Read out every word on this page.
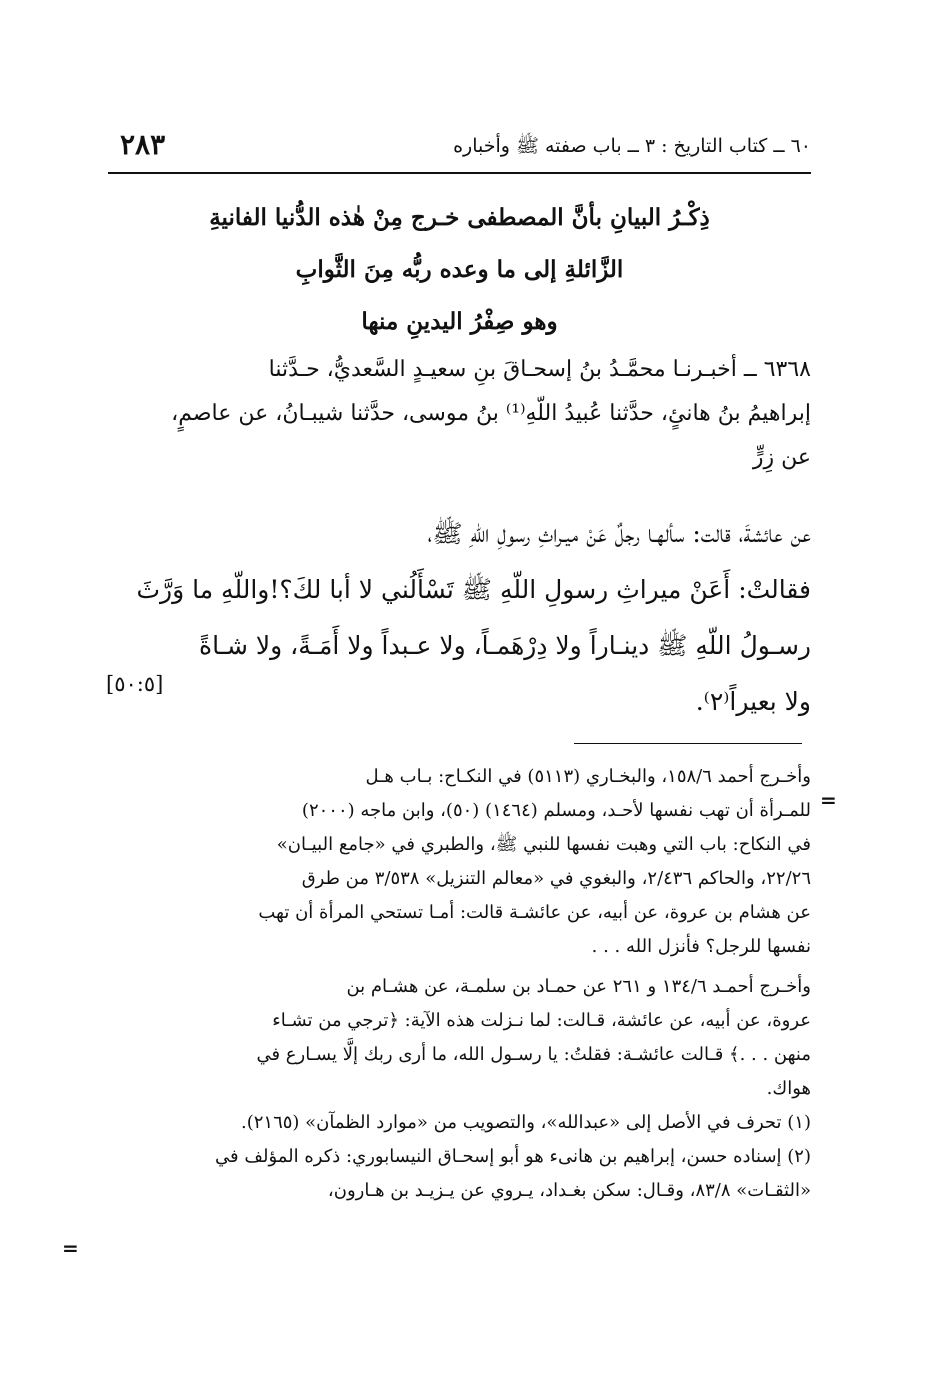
٦٠ ــ كتاب التاريخ : ٣ ــ باب صفته ﷺ وأخباره
٢٨٣
ذِكْـرُ البيانِ بأنَّ المصطفى خـرج مِنْ هٰذه الدُّنيا الفانيةِ
الزَّائلةِ إلى ما وعده ربُّه مِنَ الثَّوابِ
وهو صِفْرُ اليدينِ منها
٦٣٦٨ ــ أخبـرنـا محمَّـدُ بنُ إسحـاقَ بنِ سعيـدٍ السَّعديُّ، حـدَّثنا
إبراهيمُ بنُ هانئٍ، حدَّثنا عُبيدُ اللّهِ⁽¹⁾ بنُ موسى، حدَّثنا شيبـانُ، عن عاصمٍ،
عن زِرٍّ
عن عائشةَ، قالت: سألهـا رجلٌ عَنْ ميـراثِ رسولِ اللّهِ ﷺ،
فقالتْ: أَعَنْ ميراثِ رسولِ اللّهِ ﷺ تَسْأَلُني لا أبا لكَ؟!واللّهِ ما وَرَّثَ
رسـولُ اللّهِ ﷺ دينـاراً ولا دِرْهَمـاً، ولا عـبداً ولا أَمَـةً، ولا شـاةً
ولا بعيراً⁽٢⁾.
[٥٠:٥]
=
وأخـرج أحمد ١٥٨/٦، والبخـاري (٥١١٣) في النكـاح: بـاب هـل
للمـرأة أن تهب نفسها لأحـد، ومسلم (١٤٦٤) (٥٠)، وابن ماجه (٢٠٠٠)
في النكاح: باب التي وهبت نفسها للنبي ﷺ، والطبري في «جامع البيـان»
٢٢/٢٦، والحاكم ٢/٤٣٦، والبغوي في «معالم التنزيل» ٣/٥٣٨ من طرق
عن هشام بن عروة، عن أبيه، عن عائشـة قالت: أمـا تستحي المرأة أن تهب
نفسها للرجل؟ فأنزل الله . . .
وأخـرج أحمـد ١٣٤/٦ و ٢٦١ عن حمـاد بن سلمـة، عن هشـام بن
عروة، عن أبيه، عن عائشة، قـالت: لما نـزلت هذه الآية: ﴿ترجي من تشـاء
منهن . . .﴾ قـالت عائشـة: فقلتُ: يا رسـول الله، ما أرى ربك إلَّا يسـارع في
هواك.
(١) تحرف في الأصل إلى «عبدالله»، والتصويب من «موارد الظمآن» (٢١٦٥).
(٢) إسناده حسن، إبراهيم بن هانىء هو أبو إسحـاق النيسابوري: ذكره المؤلف في
«الثقـات» ٨٣/٨، وقـال: سكن بغـداد، يـروي عن يـزيـد بن هـارون،
=
